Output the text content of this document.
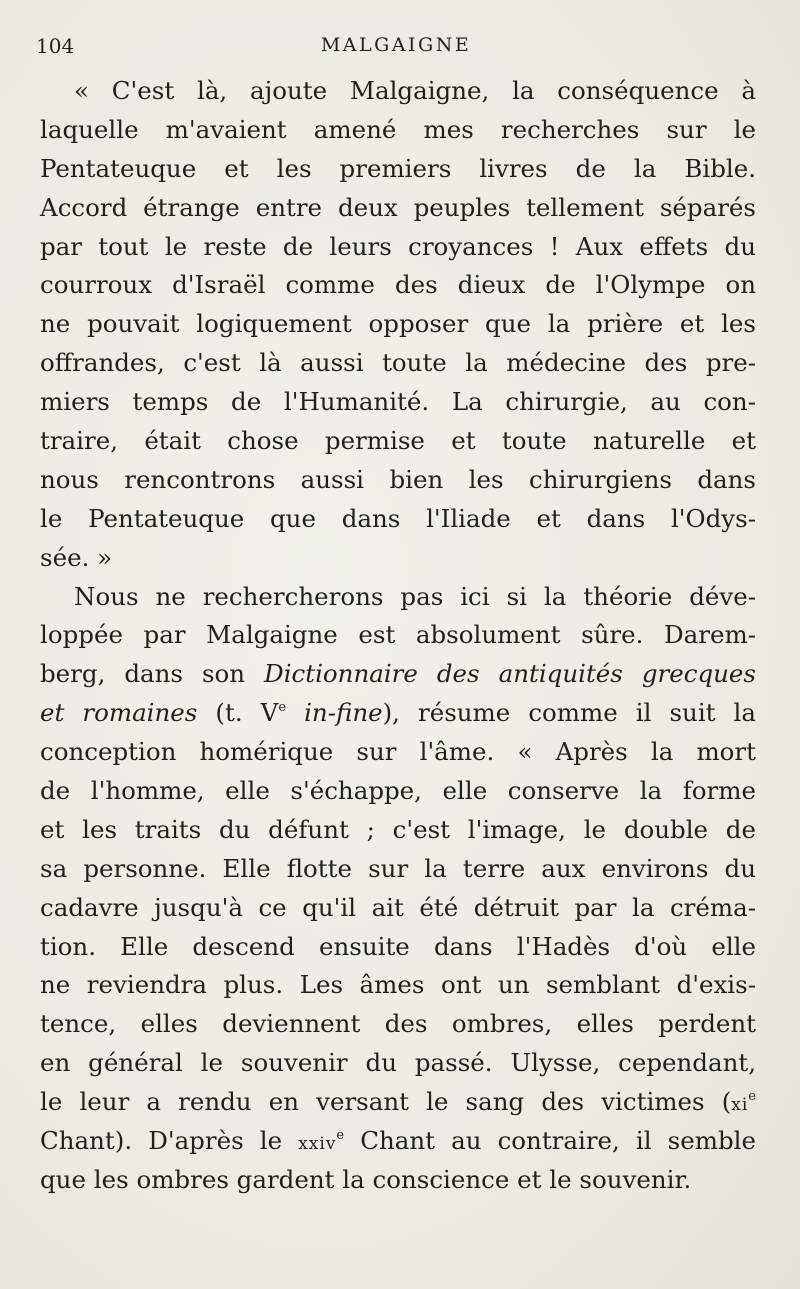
104	MALGAIGNE
« C'est là, ajoute Malgaigne, la conséquence à
laquelle m'avaient amené mes recherches sur le
Pentateuque et les premiers livres de la Bible.
Accord étrange entre deux peuples tellement séparés
par tout le reste de leurs croyances ! Aux effets du
courroux d'Israël comme des dieux de l'Olympe on
ne pouvait logiquement opposer que la prière et les
offrandes, c'est là aussi toute la médecine des pre-
miers temps de l'Humanité. La chirurgie, au con-
traire, était chose permise et toute naturelle et
nous rencontrons aussi bien les chirurgiens dans
le Pentateuque que dans l'Iliade et dans l'Odys-
sée. »
Nous ne rechercherons pas ici si la théorie déve-
loppée par Malgaigne est absolument sûre. Darem-
berg, dans son Dictionnaire des antiquités grecques
et romaines (t. Ve in-fine), résume comme il suit la
conception homérique sur l'âme. « Après la mort
de l'homme, elle s'échappe, elle conserve la forme
et les traits du défunt ; c'est l'image, le double de
sa personne. Elle flotte sur la terre aux environs du
cadavre jusqu'à ce qu'il ait été détruit par la créma-
tion. Elle descend ensuite dans l'Hadès d'où elle
ne reviendra plus. Les âmes ont un semblant d'exis-
tence, elles deviennent des ombres, elles perdent
en général le souvenir du passé. Ulysse, cependant,
le leur a rendu en versant le sang des victimes ($xi^e$
Chant). D'après le xxiv$^e$ Chant au contraire, il semble
que les ombres gardent la conscience et le souvenir.
